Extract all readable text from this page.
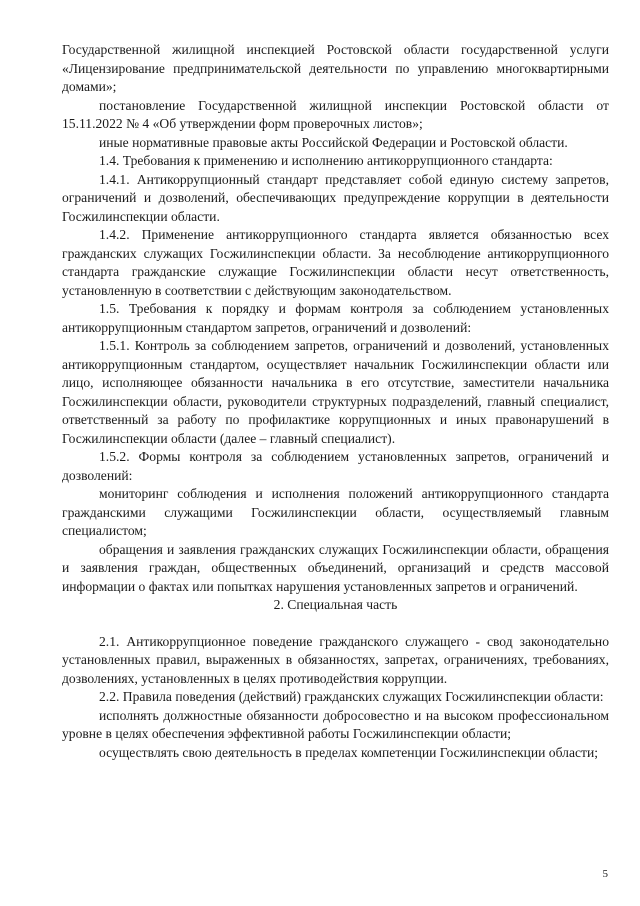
Государственной жилищной инспекцией Ростовской области государственной услуги «Лицензирование предпринимательской деятельности по управлению многоквартирными домами»;

постановление Государственной жилищной инспекции Ростовской области от 15.11.2022 № 4 «Об утверждении форм проверочных листов»;

иные нормативные правовые акты Российской Федерации и Ростовской области.

1.4. Требования к применению и исполнению антикоррупционного стандарта:

1.4.1. Антикоррупционный стандарт представляет собой единую систему запретов, ограничений и дозволений, обеспечивающих предупреждение коррупции в деятельности Госжилинспекции области.

1.4.2. Применение антикоррупционного стандарта является обязанностью всех гражданских служащих Госжилинспекции области. За несоблюдение антикоррупционного стандарта гражданские служащие Госжилинспекции области несут ответственность, установленную в соответствии с действующим законодательством.

1.5. Требования к порядку и формам контроля за соблюдением установленных антикоррупционным стандартом запретов, ограничений и дозволений:

1.5.1. Контроль за соблюдением запретов, ограничений и дозволений, установленных антикоррупционным стандартом, осуществляет начальник Госжилинспекции области или лицо, исполняющее обязанности начальника в его отсутствие, заместители начальника Госжилинспекции области, руководители структурных подразделений, главный специалист, ответственный за работу по профилактике коррупционных и иных правонарушений в Госжилинспекции области (далее – главный специалист).

1.5.2. Формы контроля за соблюдением установленных запретов, ограничений и дозволений:

мониторинг соблюдения и исполнения положений антикоррупционного стандарта гражданскими служащими Госжилинспекции области, осуществляемый главным специалистом;

обращения и заявления гражданских служащих Госжилинспекции области, обращения и заявления граждан, общественных объединений, организаций и средств массовой информации о фактах или попытках нарушения установленных запретов и ограничений.

2. Специальная часть

2.1. Антикоррупционное поведение гражданского служащего - свод законодательно установленных правил, выраженных в обязанностях, запретах, ограничениях, требованиях, дозволениях, установленных в целях противодействия коррупции.

2.2. Правила поведения (действий) гражданских служащих Госжилинспекции области:

исполнять должностные обязанности добросовестно и на высоком профессиональном уровне в целях обеспечения эффективной работы Госжилинспекции области;

осуществлять свою деятельность в пределах компетенции Госжилинспекции области;

5
